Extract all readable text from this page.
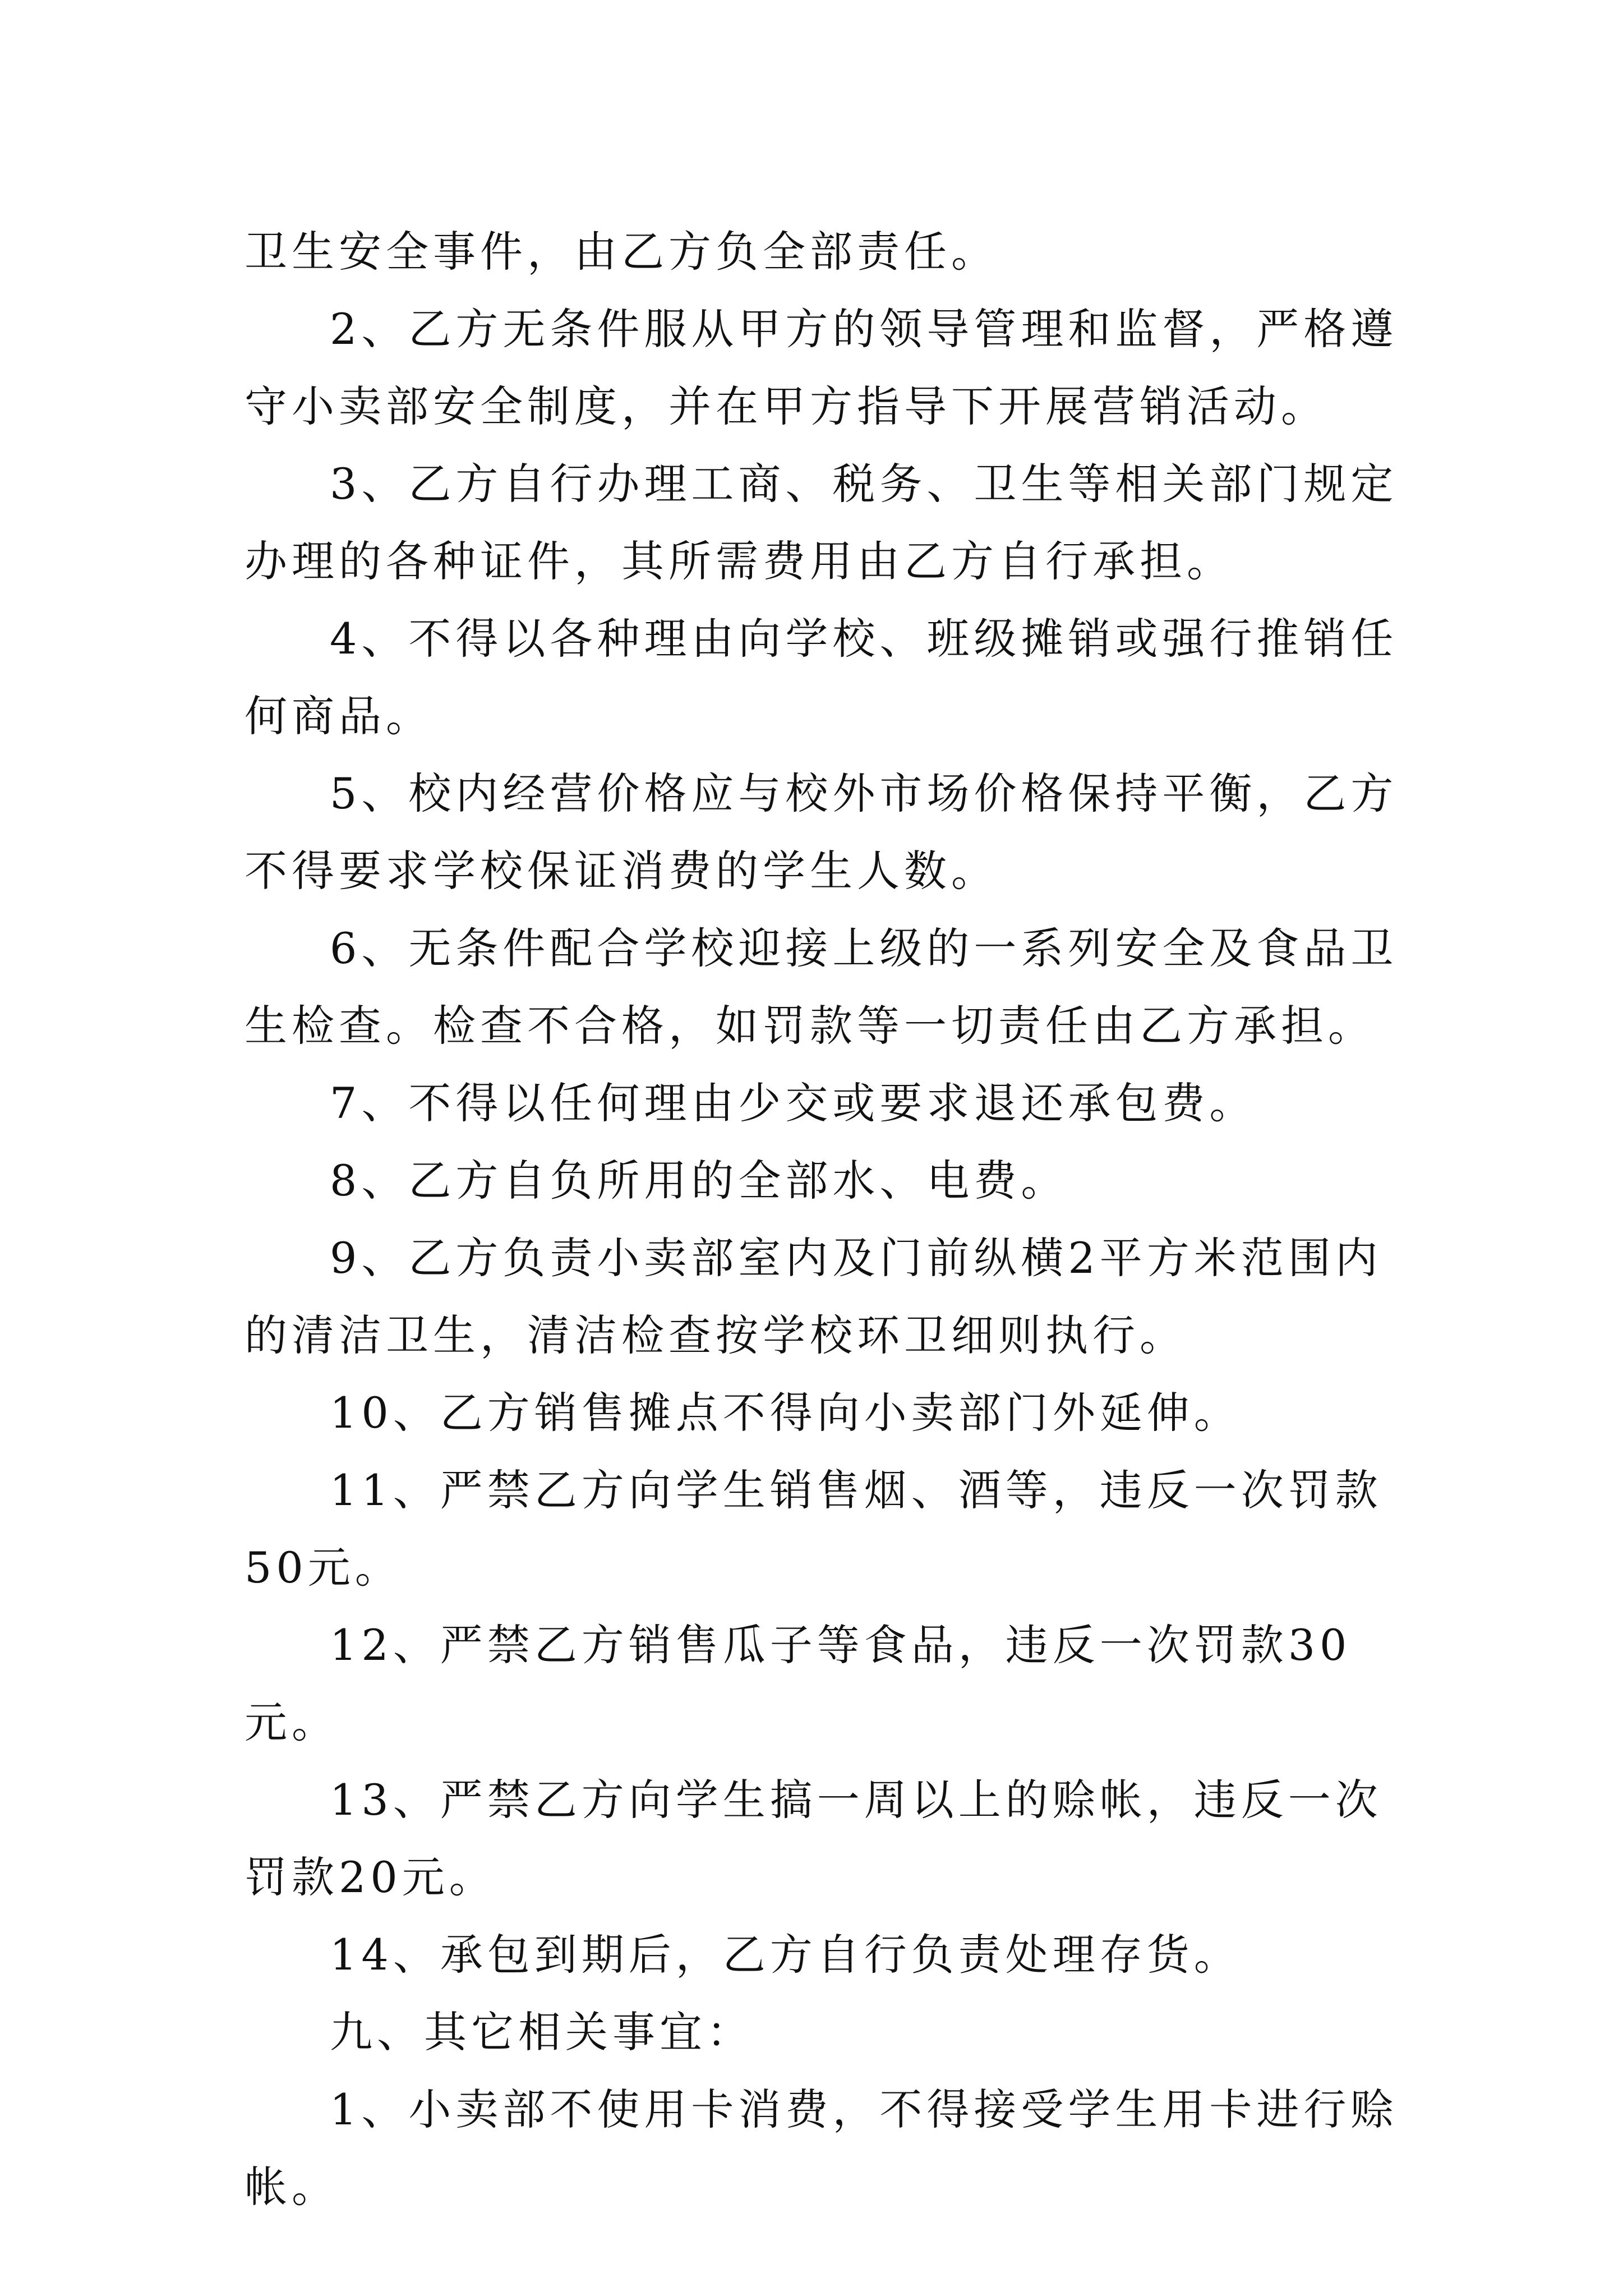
卫生安全事件，由乙方负全部责任。

2、乙方无条件服从甲方的领导管理和监督，严格遵守小卖部安全制度，并在甲方指导下开展营销活动。

3、乙方自行办理工商、税务、卫生等相关部门规定办理的各种证件，其所需费用由乙方自行承担。

4、不得以各种理由向学校、班级摊销或强行推销任何商品。

5、校内经营价格应与校外市场价格保持平衡，乙方不得要求学校保证消费的学生人数。

6、无条件配合学校迎接上级的一系列安全及食品卫生检查。检查不合格，如罚款等一切责任由乙方承担。

7、不得以任何理由少交或要求退还承包费。

8、乙方自负所用的全部水、电费。

9、乙方负责小卖部室内及门前纵横2平方米范围内的清洁卫生，清洁检查按学校环卫细则执行。

10、乙方销售摊点不得向小卖部门外延伸。

11、严禁乙方向学生销售烟、酒等，违反一次罚款50元。

12、严禁乙方销售瓜子等食品，违反一次罚款30元。

13、严禁乙方向学生搞一周以上的赊帐，违反一次罚款20元。

14、承包到期后，乙方自行负责处理存货。

九、其它相关事宜：

1、小卖部不使用卡消费，不得接受学生用卡进行赊帐。
